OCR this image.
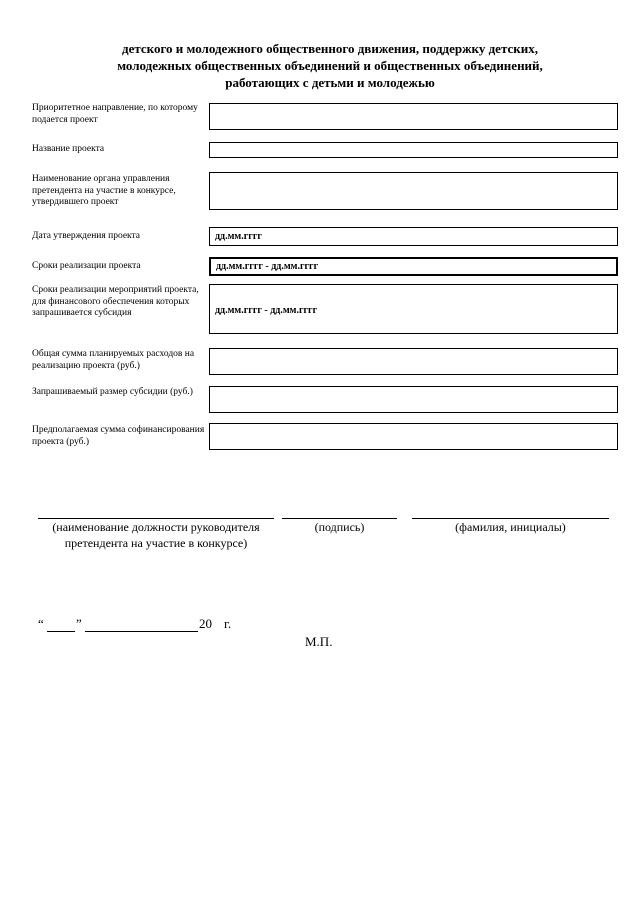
детского и молодежного общественного движения, поддержку детских,
молодежных общественных объединений и общественных объединений,
работающих с детьми и молодежью
Приоритетное направление, по которому подается проект
Название проекта
Наименование органа управления претендента на участие в конкурсе, утвердившего проект
Дата утверждения проекта	дд.мм.гггг
Сроки реализации проекта	дд.мм.гггг - дд.мм.гггг
Сроки реализации мероприятий проекта, для финансового обеспечения которых запрашивается субсидия	дд.мм.гггг - дд.мм.гггг
Общая сумма планируемых расходов на реализацию проекта (руб.)
Запрашиваемый размер субсидии (руб.)
Предполагаемая сумма софинансирования проекта (руб.)
(наименование должности руководителя претендента на участие в конкурсе)
(подпись)	(фамилия, инициалы)
“ ”	20 г.
М.П.
